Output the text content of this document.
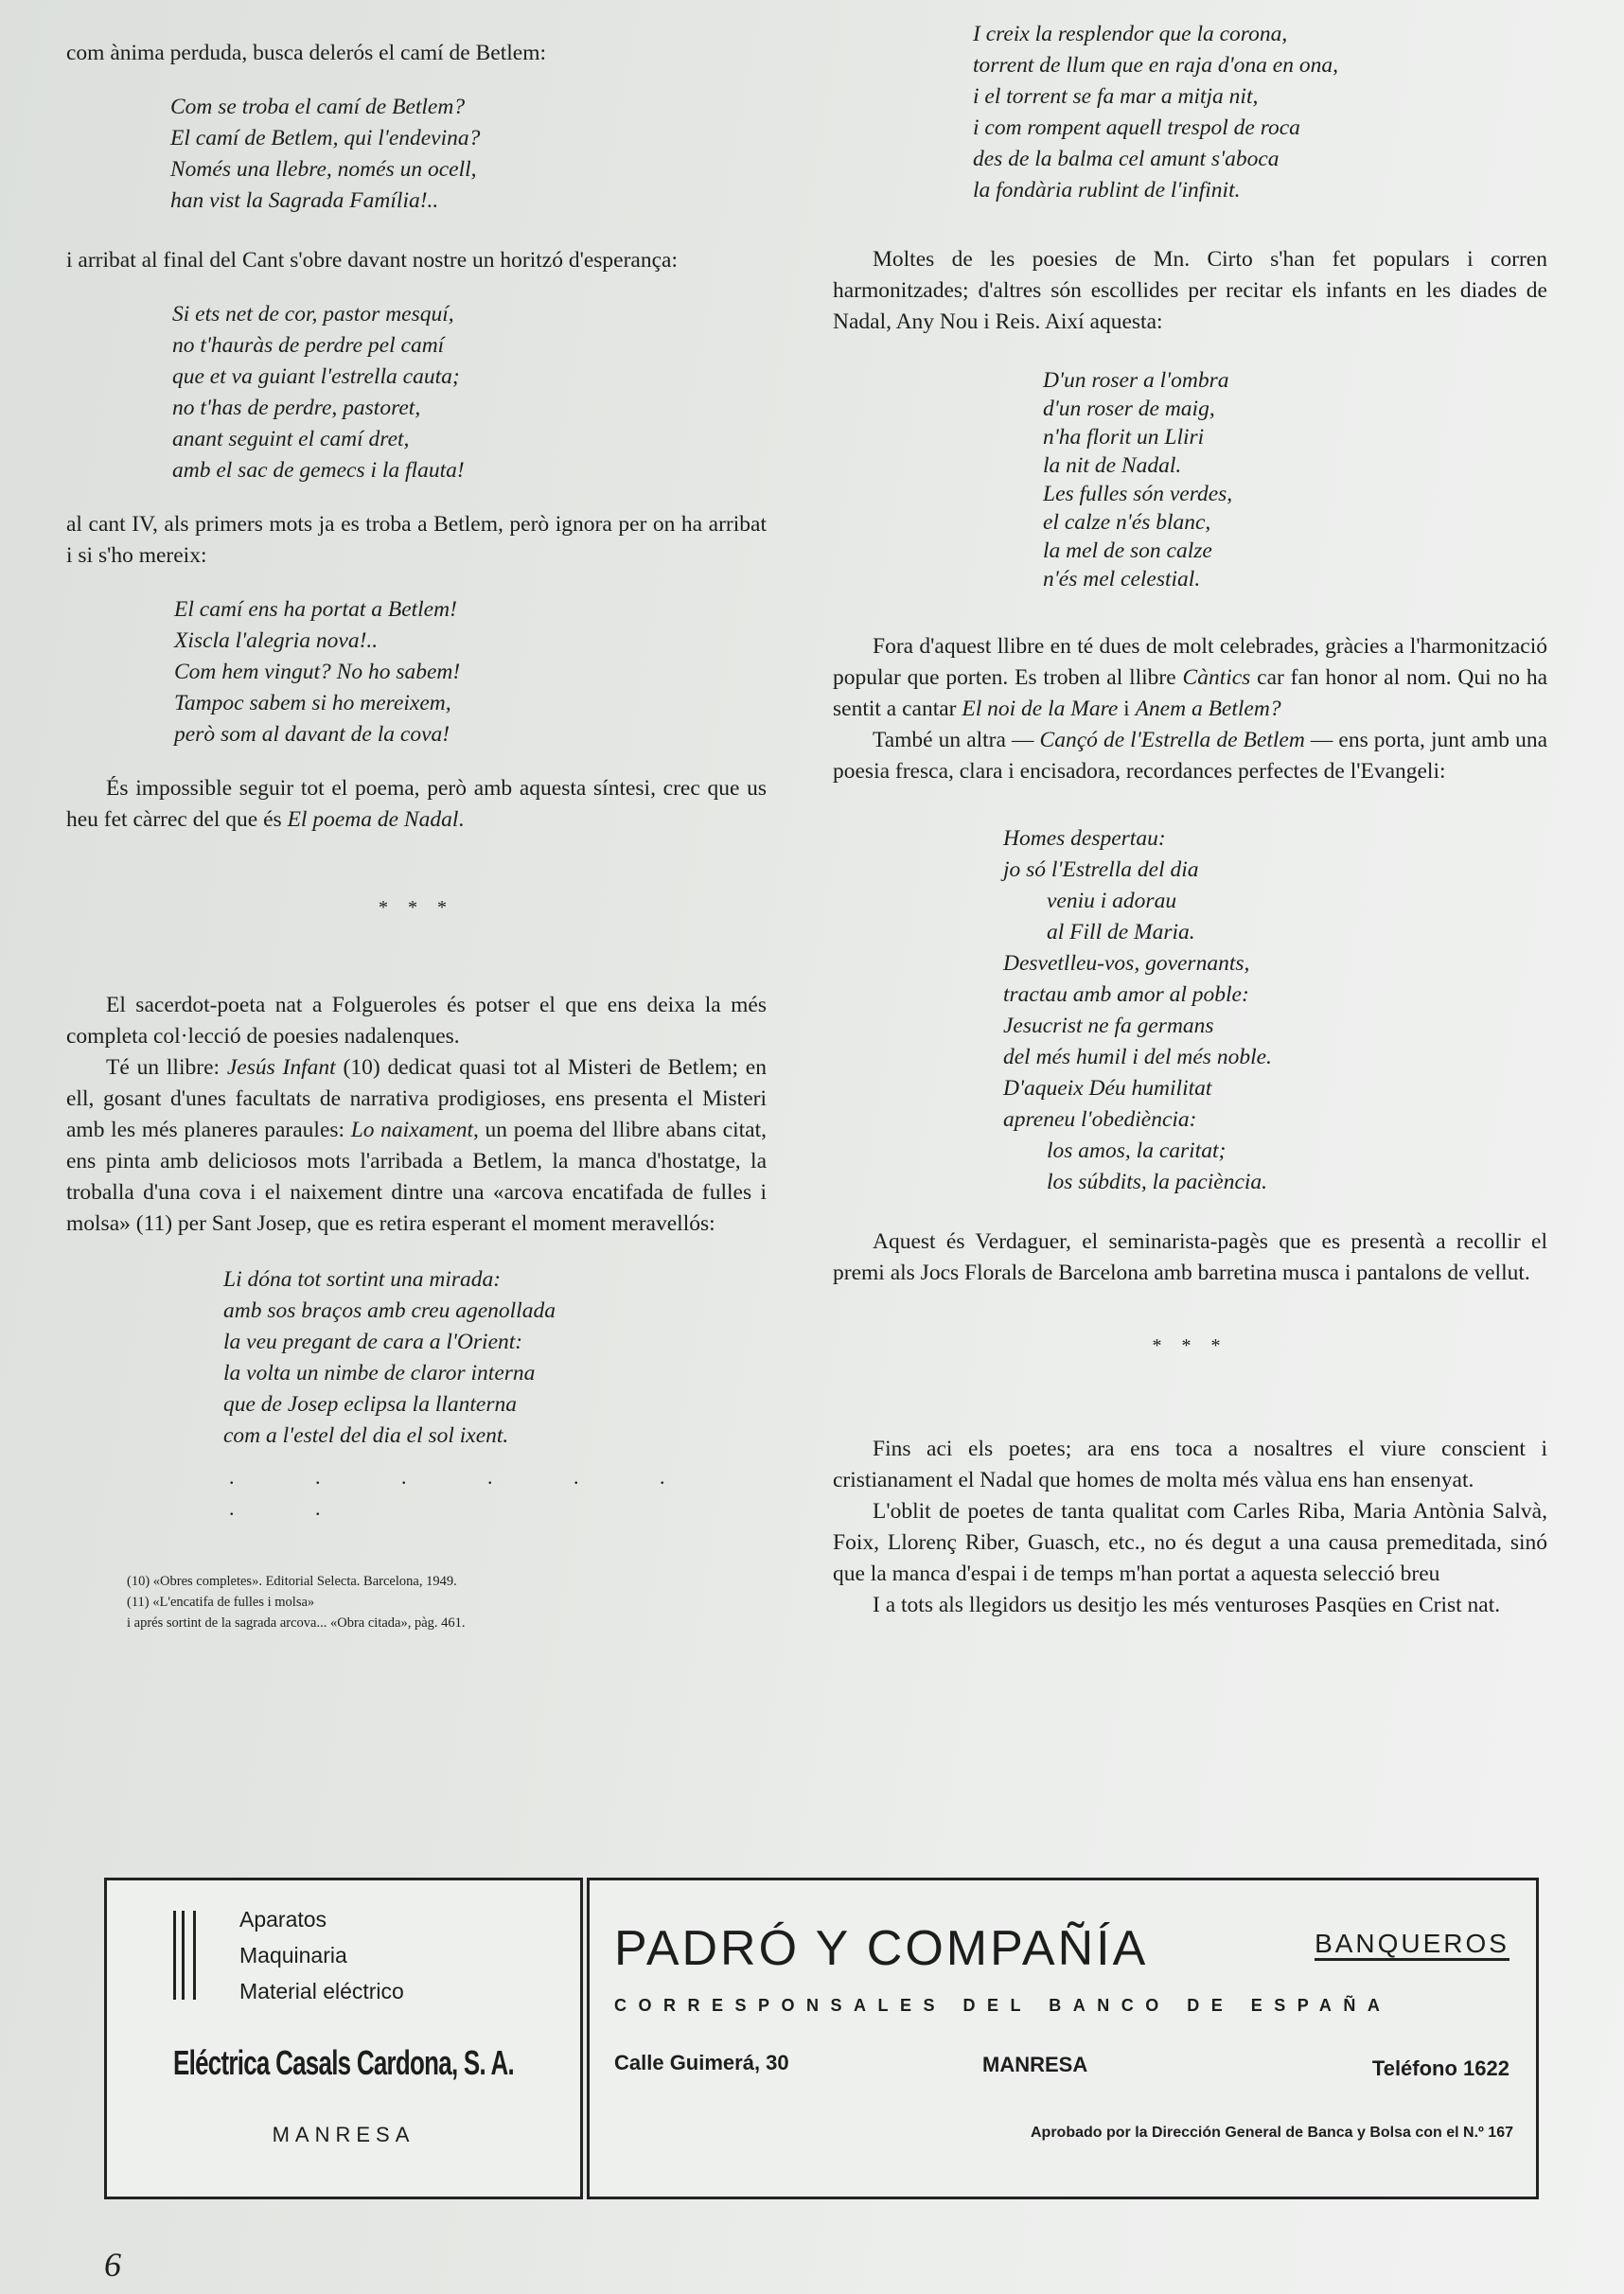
com ànima perduda, busca delerós el camí de Betlem:

Com se troba el camí de Betlem?
El camí de Betlem, qui l'endevina?
Només una llebre, només un ocell,
han vist la Sagrada Família!..

i arribat al final del Cant s'obre davant nostre un horitzó d'esperança:

Si ets net de cor, pastor mesquí,
no t'hauràs de perdre pel camí
que et va guiant l'estrella cauta;
no t'has de perdre, pastoret,
anant seguint el camí dret,
amb el sac de gemecs i la flauta!

al cant IV, als primers mots ja es troba a Betlem, però ignora per on ha arribat i si s'ho mereix:

El camí ens ha portat a Betlem!
Xiscla l'alegria nova!..
Com hem vingut? No ho sabem!
Tampoc sabem si ho mereixem,
però som al davant de la cova!

És impossible seguir tot el poema, però amb aquesta síntesi, crec que us heu fet càrrec del que és El poema de Nadal.

* * *

El sacerdot-poeta nat a Folgueroles és potser el que ens deixa la més completa col·lecció de poesies nadalenques.

Té un llibre: Jesús Infant (10) dedicat quasi tot al Misteri de Betlem; en ell, gosant d'unes facultats de narrativa prodigioses, ens presenta el Misteri amb les més planeres paraules: Lo naixament, un poema del llibre abans citat, ens pinta amb deliciosos mots l'arribada a Betlem, la manca d'hostatge, la troballa d'una cova i el naixement dintre una «arcova encatifada de fulles i molsa» (11) per Sant Josep, que es retira esperant el moment meravellós:

Li dóna tot sortint una mirada:
amb sos braços amb creu agenollada
la veu pregant de cara a l'Orient:
la volta un nimbe de claror interna
que de Josep eclipsa la llanterna
com a l'estel del dia el sol ixent.
. . . . . . . .
(10) «Obres completes». Editorial Selecta. Barcelona, 1949.
(11) «L'encatifa de fulles i molsa»
i aprés sortint de la sagrada arcova... «Obra citada», pàg. 461.
I creix la resplendor que la corona,
torrent de llum que en raja d'ona en ona,
i el torrent se fa mar a mitja nit,
i com rompent aquell trespol de roca
des de la balma cel amunt s'aboca
la fondària rublint de l'infinit.

Moltes de les poesies de Mn. Cirto s'han fet populars i corren harmonitzades; d'altres són escollides per recitar els infants en les diades de Nadal, Any Nou i Reis. Així aquesta:

D'un roser a l'ombra
d'un roser de maig,
n'ha florit un Lliri
la nit de Nadal.
Les fulles són verdes,
el calze n'és blanc,
la mel de son calze
n'és mel celestial.

Fora d'aquest llibre en té dues de molt celebrades, gràcies a l'harmonització popular que porten. Es troben al llibre Càntics car fan honor al nom. Qui no ha sentit a cantar El noi de la Mare i Anem a Betlem?

També un altra — Cançó de l'Estrella de Betlem — ens porta, junt amb una poesia fresca, clara i encisadora, recordances perfectes de l'Evangeli:

Homes despertau:
jo só l'Estrella del dia
veniu i adorau
al Fill de Maria.
Desvetlleu-vos, governants,
tractau amb amor al poble:
Jesucrist ne fa germans
del més humil i del més noble.
D'aqueix Déu humilitat
apreneu l'obediència:
los amos, la caritat;
los súbdits, la paciència.

Aquest és Verdaguer, el seminarista-pagès que es presentà a recollir el premi als Jocs Florals de Barcelona amb barretina musca i pantalons de vellut.

* * *

Fins aci els poetes; ara ens toca a nosaltres el viure conscient i cristianament el Nadal que homes de molta més vàlua ens han ensenyat.

L'oblit de poetes de tanta qualitat com Carles Riba, Maria Antònia Salvà, Foix, Llorenç Riber, Guasch, etc., no és degut a una causa premeditada, sinó que la manca d'espai i de temps m'han portat a aquesta selecció breu

I a tots als llegidors us desitjo les més venturoses Pasqües en Crist nat.

Aparatos
Maquinaria
Material eléctrico
Eléctrica Casals Cardona, S. A.
MANRESA
PADRÓ Y COMPAÑÍA	BANQUEROS
CORRESPONSALES DEL BANCO DE ESPAÑA
Calle Guimerá, 30	MANRESA	Teléfono 1622
Aprobado por la Dirección General de Banca y Bolsa con el N.º 167
6
